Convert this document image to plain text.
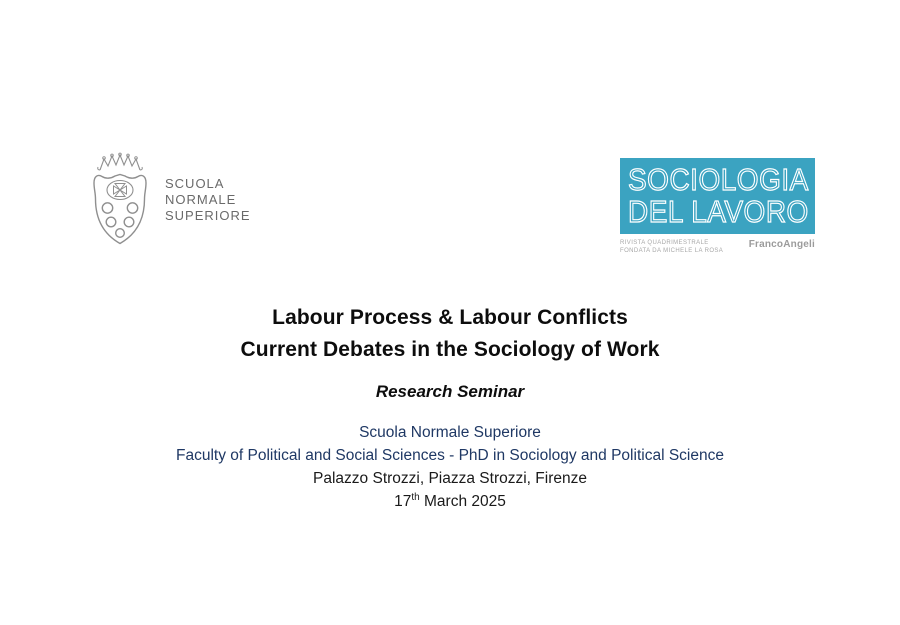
SCUOLA
NORMALE
SUPERIORE
SOCIOLOGIA
DEL LAVORO
RIVISTA QUADRIMESTRALE
FONDATA DA MICHELE LA ROSA
FrancoAngeli
Labour Process & Labour Conflicts
Current Debates in the Sociology of Work

Research Seminar

Scuola Normale Superiore
Faculty of Political and Social Sciences - PhD in Sociology and Political Science
Palazzo Strozzi, Piazza Strozzi, Firenze
17th March 2025
